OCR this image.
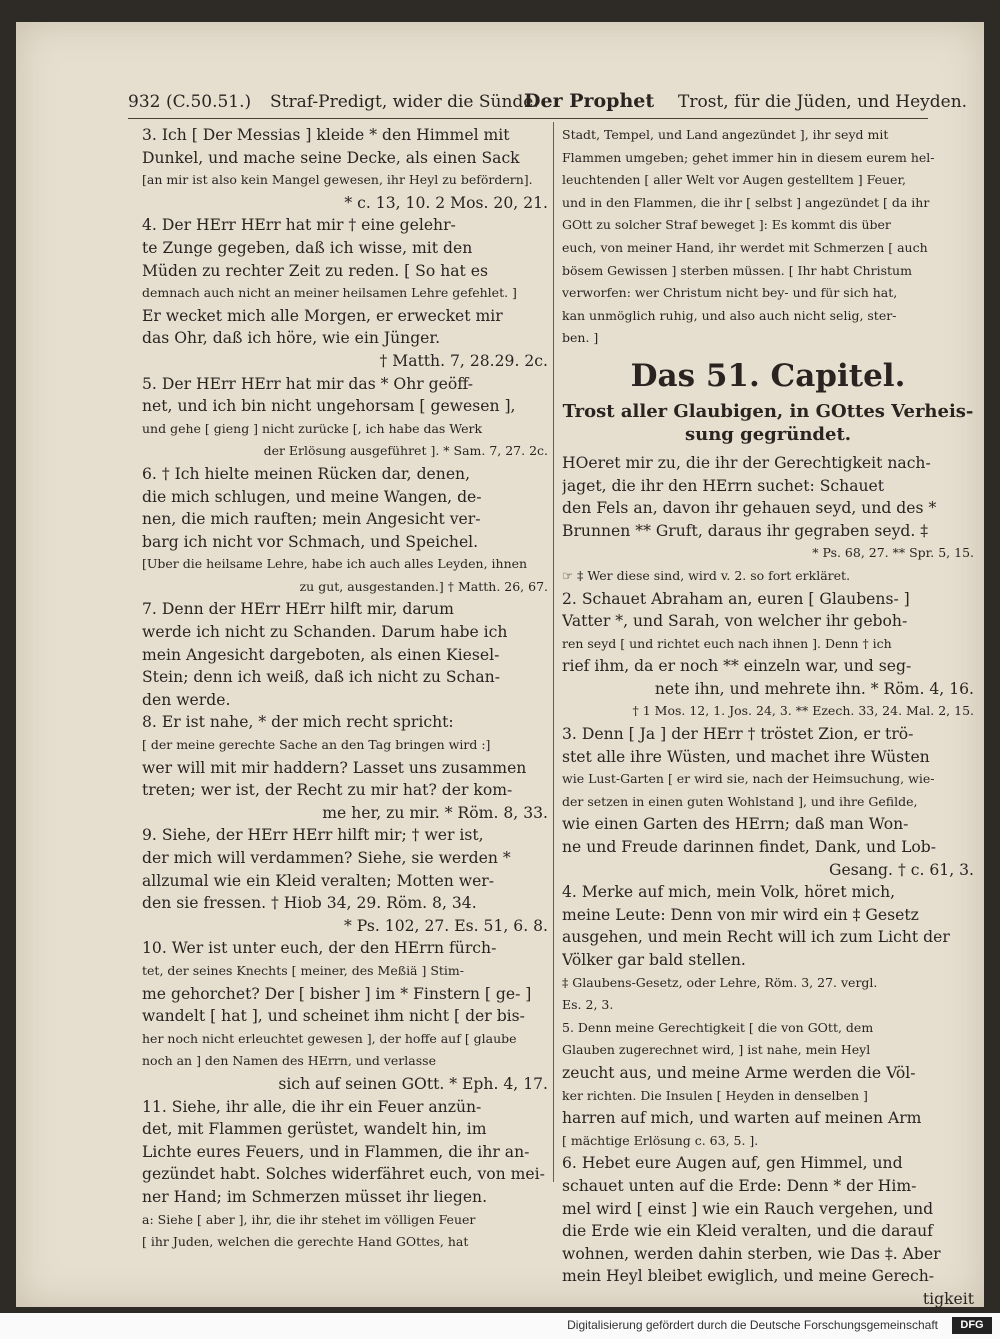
932 (C.50.51.) Straf-Predigt, wider die Sünde.
Der Prophet Trost, für die Jüden, und Heyden.
3. Ich [ Der Messias ] kleide * den Himmel mit
Dunkel, und mache seine Decke, als einen Sack
[an mir ist also kein Mangel gewesen, ihr Heyl zu befördern].
* c. 13, 10. 2 Mos. 20, 21.
4. Der HErr HErr hat mir † eine gelehr-
te Zunge gegeben, daß ich wisse, mit den
Müden zu rechter Zeit zu reden. [ So hat es
demnach auch nicht an meiner heilsamen Lehre gefehlet. ]
Er wecket mich alle Morgen, er erwecket mir
das Ohr, daß ich höre, wie ein Jünger.
† Matth. 7, 28.29. 2c.
5. Der HErr HErr hat mir das * Ohr geöff-
net, und ich bin nicht ungehorsam [ gewesen ],
und gehe [ gieng ] nicht zurücke [, ich habe das Werk
der Erlösung ausgeführet ]. * Sam. 7, 27. 2c.
6. † Ich hielte meinen Rücken dar, denen,
die mich schlugen, und meine Wangen, de-
nen, die mich rauften; mein Angesicht ver-
barg ich nicht vor Schmach, und Speichel.
[Uber die heilsame Lehre, habe ich auch alles Leyden, ihnen
zu gut, ausgestanden.] † Matth. 26, 67.
7. Denn der HErr HErr hilft mir, darum
werde ich nicht zu Schanden. Darum habe ich
mein Angesicht dargeboten, als einen Kiesel-
Stein; denn ich weiß, daß ich nicht zu Schan-
den werde.
8. Er ist nahe, * der mich recht spricht:
[ der meine gerechte Sache an den Tag bringen wird :]
wer will mit mir haddern? Lasset uns zusammen
treten; wer ist, der Recht zu mir hat? der kom-
me her, zu mir. * Röm. 8, 33.
9. Siehe, der HErr HErr hilft mir; † wer ist,
der mich will verdammen? Siehe, sie werden *
allzumal wie ein Kleid veralten; Motten wer-
den sie fressen. † Hiob 34, 29. Röm. 8, 34.
* Ps. 102, 27. Es. 51, 6. 8.
10. Wer ist unter euch, der den HErrn fürch-
tet, der seines Knechts [ meiner, des Meßiä ] Stim-
me gehorchet? Der [ bisher ] im * Finstern [ ge- ]
wandelt [ hat ], und scheinet ihm nicht [ der bis-
her noch nicht erleuchtet gewesen ], der hoffe auf [ glaube
noch an ] den Namen des HErrn, und verlasse
sich auf seinen GOtt. * Eph. 4, 17.
11. Siehe, ihr alle, die ihr ein Feuer anzün-
det, mit Flammen gerüstet, wandelt hin, im
Lichte eures Feuers, und in Flammen, die ihr an-
gezündet habt. Solches widerfähret euch, von mei-
ner Hand; im Schmerzen müsset ihr liegen.
a: Siehe [ aber ], ihr, die ihr stehet im völligen Feuer
[ ihr Juden, welchen die gerechte Hand GOttes, hat
Stadt, Tempel, und Land angezündet ], ihr seyd mit
Flammen umgeben; gehet immer hin in diesem eurem hel-
leuchtenden [ aller Welt vor Augen gestelltem ] Feuer,
und in den Flammen, die ihr [ selbst ] angezündet [ da ihr
GOtt zu solcher Straf beweget ]: Es kommt dis über
euch, von meiner Hand, ihr werdet mit Schmerzen [ auch
bösem Gewissen ] sterben müssen. [ Ihr habt Christum
verworfen: wer Christum nicht bey- und für sich hat,
kan unmöglich ruhig, und also auch nicht selig, ster-
ben. ]
Das 51. Capitel.
Trost aller Glaubigen, in GOttes Verheis-
sung gegründet.
HOeret mir zu, die ihr der Gerechtigkeit nach-
jaget, die ihr den HErrn suchet: Schauet
den Fels an, davon ihr gehauen seyd, und des *
Brunnen ** Gruft, daraus ihr gegraben seyd. ‡
* Ps. 68, 27. ** Spr. 5, 15.
☞ ‡ Wer diese sind, wird v. 2. so fort erkläret.
2. Schauet Abraham an, euren [ Glaubens- ]
Vatter *, und Sarah, von welcher ihr geboh-
ren seyd [ und richtet euch nach ihnen ]. Denn † ich
rief ihm, da er noch ** einzeln war, und seg-
nete ihn, und mehrete ihn. * Röm. 4, 16.
† 1 Mos. 12, 1. Jos. 24, 3. ** Ezech. 33, 24. Mal. 2, 15.
3. Denn [ Ja ] der HErr † tröstet Zion, er trö-
stet alle ihre Wüsten, und machet ihre Wüsten
wie Lust-Garten [ er wird sie, nach der Heimsuchung, wie-
der setzen in einen guten Wohlstand ], und ihre Gefilde,
wie einen Garten des HErrn; daß man Won-
ne und Freude darinnen findet, Dank, und Lob-
Gesang. † c. 61, 3.
4. Merke auf mich, mein Volk, höret mich,
meine Leute: Denn von mir wird ein ‡ Gesetz
ausgehen, und mein Recht will ich zum Licht der
Völker gar bald stellen.
‡ Glaubens-Gesetz, oder Lehre, Röm. 3, 27. vergl.
Es. 2, 3.
5. Denn meine Gerechtigkeit [ die von GOtt, dem
Glauben zugerechnet wird, ] ist nahe, mein Heyl
zeucht aus, und meine Arme werden die Völ-
ker richten. Die Insulen [ Heyden in denselben ]
harren auf mich, und warten auf meinen Arm
[ mächtige Erlösung c. 63, 5. ].
6. Hebet eure Augen auf, gen Himmel, und
schauet unten auf die Erde: Denn * der Him-
mel wird [ einst ] wie ein Rauch vergehen, und
die Erde wie ein Kleid veralten, und die darauf
wohnen, werden dahin sterben, wie Das ‡. Aber
mein Heyl bleibet ewiglich, und meine Gerech-
tigkeit
Digitalisierung gefördert durch die Deutsche Forschungsgemeinschaft	DFG
